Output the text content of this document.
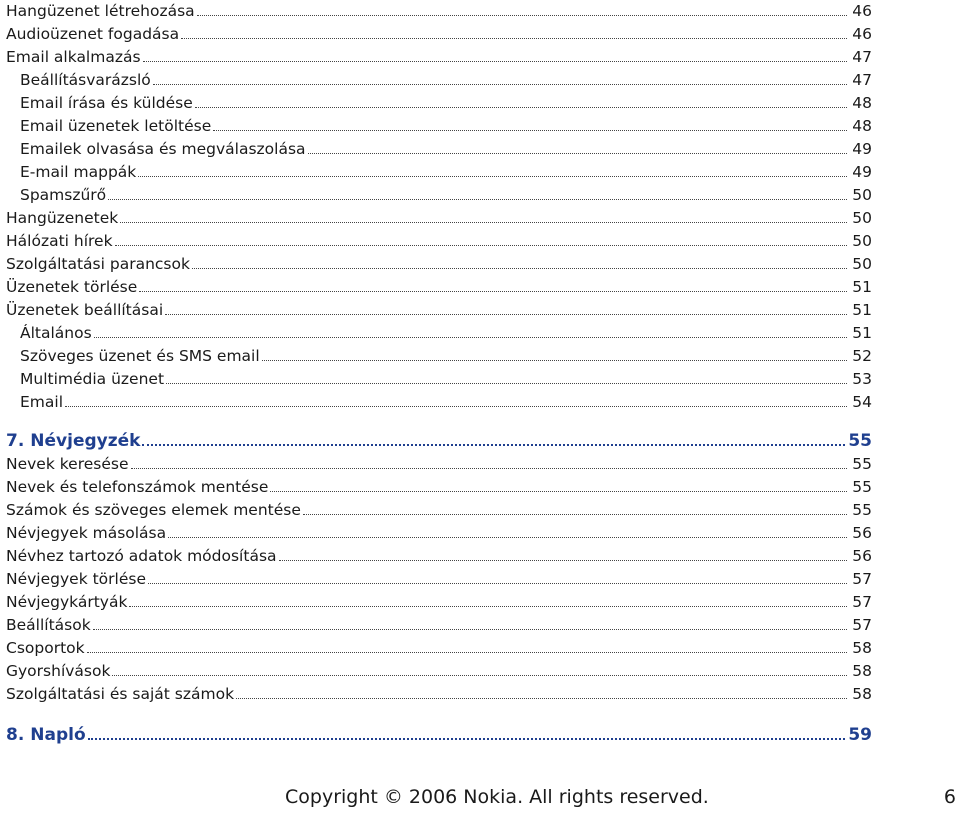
Hangüzenet létrehozása	46
Audioüzenet fogadása	46
Email alkalmazás	47
Beállításvarázsló	47
Email írása és küldése	48
Email üzenetek letöltése	48
Emailek olvasása és megválaszolása	49
E-mail mappák	49
Spamszűrő	50
Hangüzenetek	50
Hálózati hírek	50
Szolgáltatási parancsok	50
Üzenetek törlése	51
Üzenetek beállításai	51
Általános	51
Szöveges üzenet és SMS email	52
Multimédia üzenet	53
Email	54
7. Névjegyzék	55
Nevek keresése	55
Nevek és telefonszámok mentése	55
Számok és szöveges elemek mentése	55
Névjegyek másolása	56
Névhez tartozó adatok módosítása	56
Névjegyek törlése	57
Névjegykártyák	57
Beállítások	57
Csoportok	58
Gyorshívások	58
Szolgáltatási és saját számok	58
8. Napló	59
Copyright © 2006 Nokia. All rights reserved.	6
